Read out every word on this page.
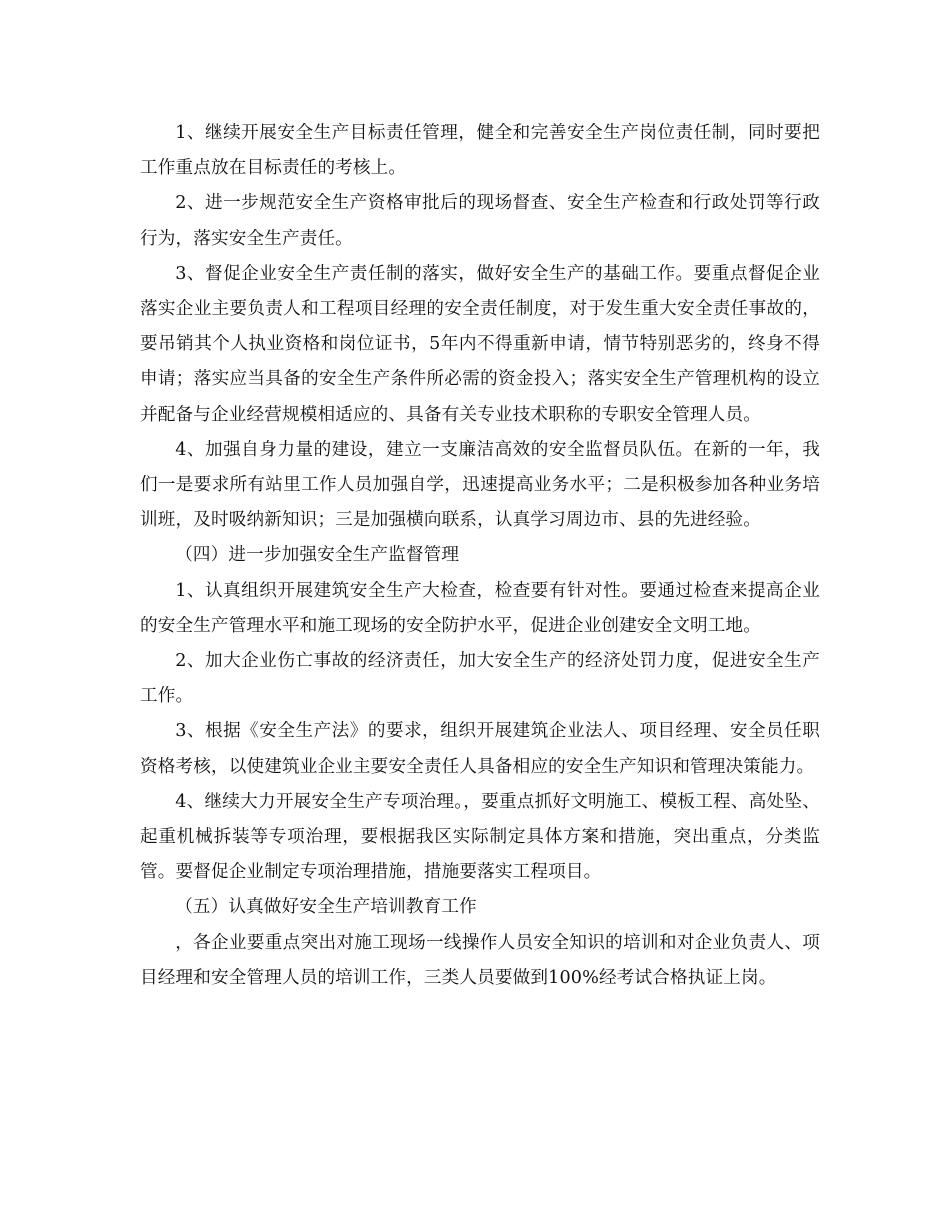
1、继续开展安全生产目标责任管理，健全和完善安全生产岗位责任制，同时要把工作重点放在目标责任的考核上。

2、进一步规范安全生产资格审批后的现场督查、安全生产检查和行政处罚等行政行为，落实安全生产责任。

3、督促企业安全生产责任制的落实，做好安全生产的基础工作。要重点督促企业落实企业主要负责人和工程项目经理的安全责任制度，对于发生重大安全责任事故的，要吊销其个人执业资格和岗位证书，5年内不得重新申请，情节特别恶劣的，终身不得申请；落实应当具备的安全生产条件所必需的资金投入；落实安全生产管理机构的设立并配备与企业经营规模相适应的、具备有关专业技术职称的专职安全管理人员。

4、加强自身力量的建设，建立一支廉洁高效的安全监督员队伍。在新的一年，我们一是要求所有站里工作人员加强自学，迅速提高业务水平；二是积极参加各种业务培训班，及时吸纳新知识；三是加强横向联系，认真学习周边市、县的先进经验。

（四）进一步加强安全生产监督管理

1、认真组织开展建筑安全生产大检查，检查要有针对性。要通过检查来提高企业的安全生产管理水平和施工现场的安全防护水平，促进企业创建安全文明工地。

2、加大企业伤亡事故的经济责任，加大安全生产的经济处罚力度，促进安全生产工作。

3、根据《安全生产法》的要求，组织开展建筑企业法人、项目经理、安全员任职资格考核，以使建筑业企业主要安全责任人具备相应的安全生产知识和管理决策能力。

4、继续大力开展安全生产专项治理。，要重点抓好文明施工、模板工程、高处坠、起重机械拆装等专项治理，要根据我区实际制定具体方案和措施，突出重点，分类监管。要督促企业制定专项治理措施，措施要落实工程项目。

（五）认真做好安全生产培训教育工作

，各企业要重点突出对施工现场一线操作人员安全知识的培训和对企业负责人、项目经理和安全管理人员的培训工作，三类人员要做到100%经考试合格执证上岗。
